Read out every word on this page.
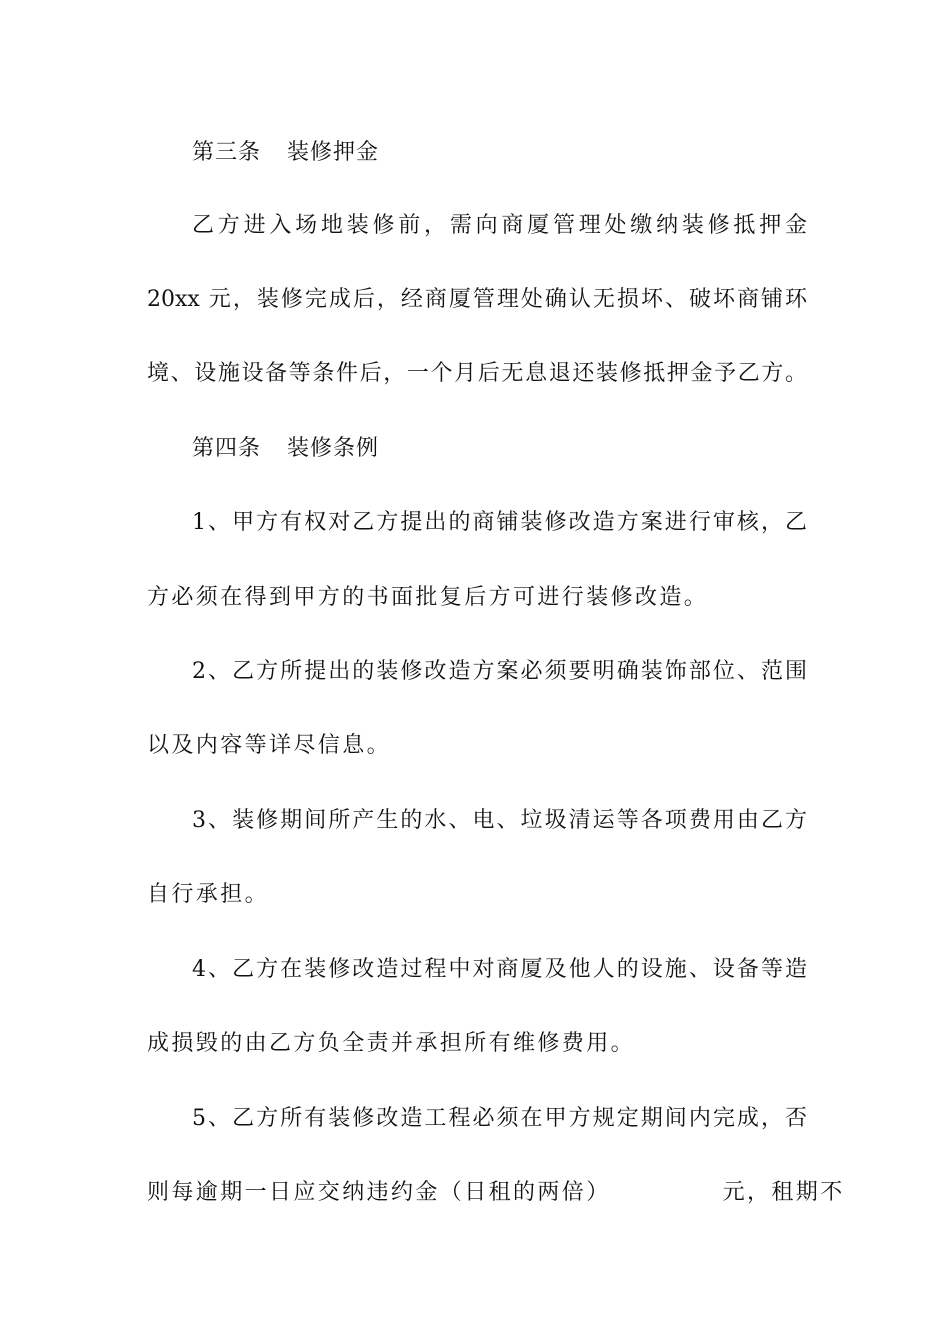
第三条 装修押金
乙方进入场地装修前，需向商厦管理处缴纳装修抵押金
20xx 元，装修完成后，经商厦管理处确认无损坏、破坏商铺环
境、设施设备等条件后，一个月后无息退还装修抵押金予乙方。
第四条 装修条例
1、甲方有权对乙方提出的商铺装修改造方案进行审核，乙
方必须在得到甲方的书面批复后方可进行装修改造。
2、乙方所提出的装修改造方案必须要明确装饰部位、范围
以及内容等详尽信息。
3、装修期间所产生的水、电、垃圾清运等各项费用由乙方
自行承担。
4、乙方在装修改造过程中对商厦及他人的设施、设备等造
成损毁的由乙方负全责并承担所有维修费用。
5、乙方所有装修改造工程必须在甲方规定期间内完成，否
则每逾期一日应交纳违约金（日租的两倍）	元，租期不
